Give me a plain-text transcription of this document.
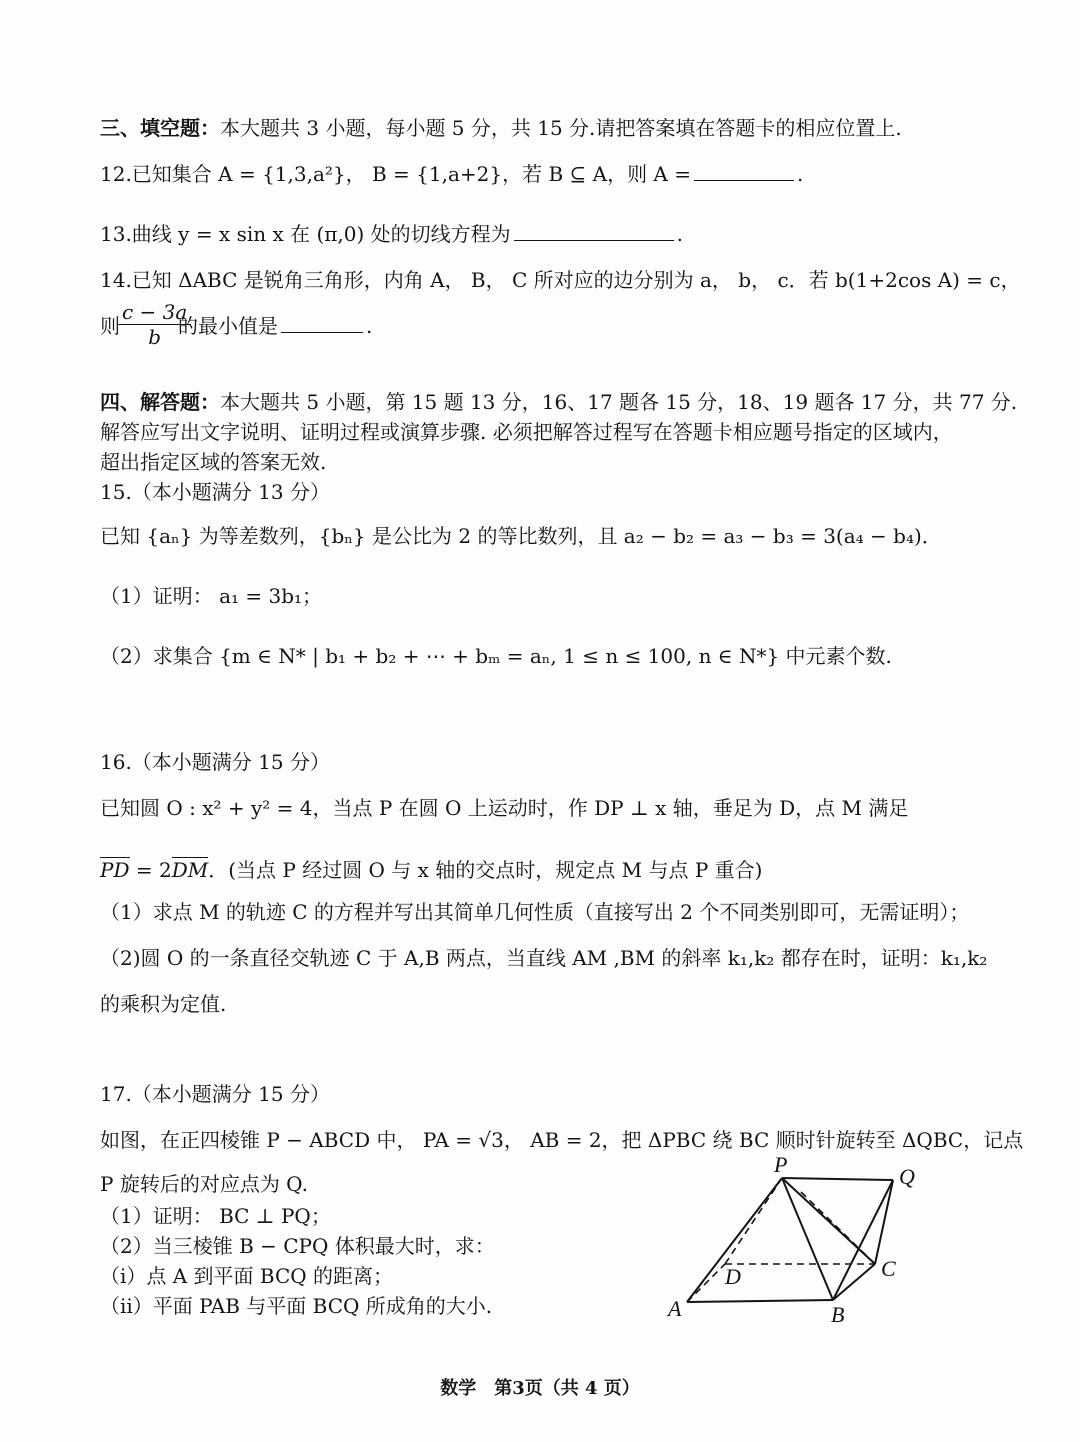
三、填空题：本大题共 3 小题，每小题 5 分，共 15 分.请把答案填在答题卡的相应位置上.
12.已知集合 A = {1,3,a²}， B = {1,a+2}，若 B ⊆ A，则 A =	.
13.曲线 y = x sin x 在 (π,0) 处的切线方程为	.
14.已知 ΔABC 是锐角三角形，内角 A， B， C 所对应的边分别为 a， b， c．若 b(1+2cos A) = c，
则
$\frac{c - 3a}{b}$
的最小值是	.
四、解答题：本大题共 5 小题，第 15 题 13 分，16、17 题各 15 分，18、19 题各 17 分，共 77 分.
解答应写出文字说明、证明过程或演算步骤. 必须把解答过程写在答题卡相应题号指定的区域内，
超出指定区域的答案无效.
15.（本小题满分 13 分）
已知 {aₙ} 为等差数列，{bₙ} 是公比为 2 的等比数列，且 a₂ − b₂ = a₃ − b₃ = 3(a₄ − b₄)．
（1）证明： a₁ = 3b₁；
（2）求集合 {m ∈ N* | b₁ + b₂ + ⋯ + bₘ = aₙ, 1 ≤ n ≤ 100, n ∈ N*} 中元素个数.
16.（本小题满分 15 分）
已知圆 O : x² + y² = 4，当点 P 在圆 O 上运动时，作 DP ⊥ x 轴，垂足为 D，点 M 满足
PD = 2DM．(当点 P 经过圆 O 与 x 轴的交点时，规定点 M 与点 P 重合)
（1）求点 M 的轨迹 C 的方程并写出其简单几何性质（直接写出 2 个不同类别即可，无需证明）；
（2)圆 O 的一条直径交轨迹 C 于 A,B 两点，当直线 AM ,BM 的斜率 k₁,k₂ 都存在时，证明：k₁,k₂
的乘积为定值.
17.（本小题满分 15 分）
如图，在正四棱锥 P − ABCD 中， PA = √3， AB = 2，把 ΔPBC 绕 BC 顺时针旋转至 ΔQBC，记点
P 旋转后的对应点为 Q.
（1）证明： BC ⊥ PQ；
（2）当三棱锥 B − CPQ 体积最大时，求：
（i）点 A 到平面 BCQ 的距离；
（ii）平面 PAB 与平面 BCQ 所成角的大小.
P	Q
A	B
C
D
数学　第3页（共 4 页）
